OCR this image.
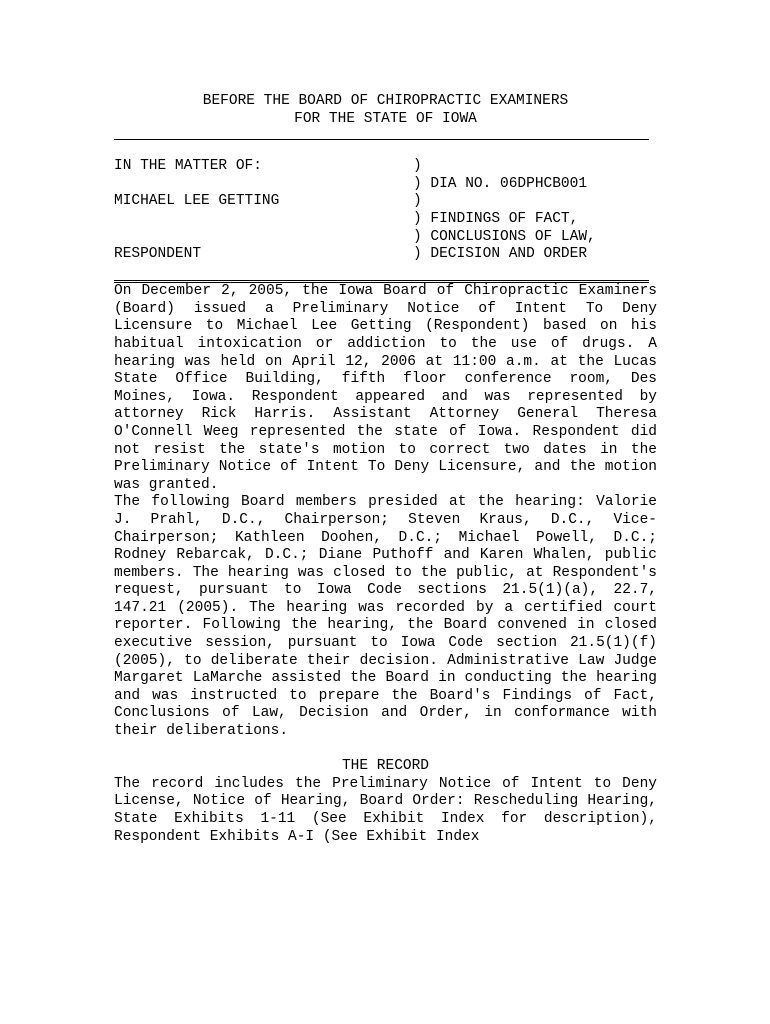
BEFORE THE BOARD OF CHIROPRACTIC EXAMINERS
FOR THE STATE OF IOWA
IN THE MATTER OF:
MICHAEL LEE GETTING
RESPONDENT
)
) DIA NO. 06DPHCB001
)
) FINDINGS OF FACT,
) CONCLUSIONS OF LAW,
) DECISION AND ORDER

On December 2, 2005, the Iowa Board of Chiropractic Examiners (Board) issued a Preliminary Notice of Intent To Deny Licensure to Michael Lee Getting (Respondent) based on his habitual intoxication or addiction to the use of drugs. A hearing was held on April 12, 2006 at 11:00 a.m. at the Lucas State Office Building, fifth floor conference room, Des Moines, Iowa. Respondent appeared and was represented by attorney Rick Harris. Assistant Attorney General Theresa O'Connell Weeg represented the state of Iowa. Respondent did not resist the state's motion to correct two dates in the Preliminary Notice of Intent To Deny Licensure, and the motion was granted.

The following Board members presided at the hearing: Valorie J. Prahl, D.C., Chairperson; Steven Kraus, D.C., Vice-Chairperson; Kathleen Doohen, D.C.; Michael Powell, D.C.; Rodney Rebarcak, D.C.; Diane Puthoff and Karen Whalen, public members. The hearing was closed to the public, at Respondent's request, pursuant to Iowa Code sections 21.5(1)(a), 22.7, 147.21 (2005). The hearing was recorded by a certified court reporter. Following the hearing, the Board convened in closed executive session, pursuant to Iowa Code section 21.5(1)(f)(2005), to deliberate their decision. Administrative Law Judge Margaret LaMarche assisted the Board in conducting the hearing and was instructed to prepare the Board's Findings of Fact, Conclusions of Law, Decision and Order, in conformance with their deliberations.

THE RECORD

The record includes the Preliminary Notice of Intent to Deny License, Notice of Hearing, Board Order: Rescheduling Hearing, State Exhibits 1-11 (See Exhibit Index for description), Respondent Exhibits A-I (See Exhibit Index
